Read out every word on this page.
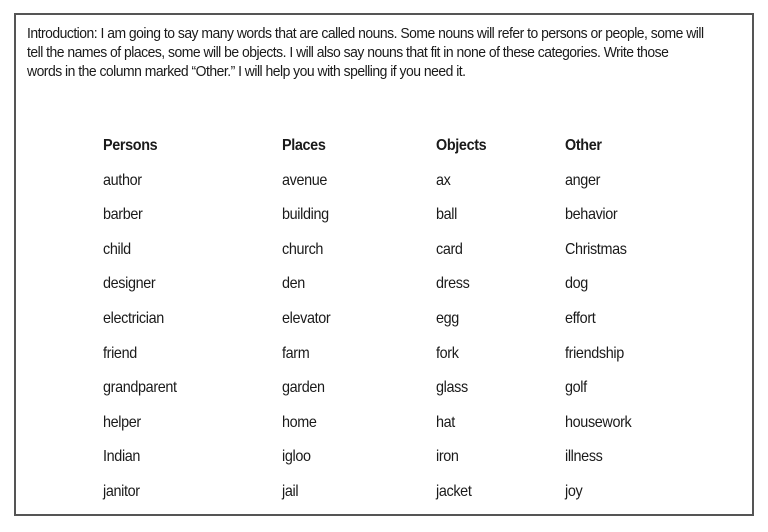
Introduction: I am going to say many words that are called nouns. Some nouns will refer to persons or people, some will tell the names of places, some will be objects. I will also say nouns that fit in none of these categories. Write those words in the column marked “Other.” I will help you with spelling if you need it.
Persons
author
barber
child
designer
electrician
friend
grandparent
helper
Indian
janitor
Places
avenue
building
church
den
elevator
farm
garden
home
igloo
jail
Objects
ax
ball
card
dress
egg
fork
glass
hat
iron
jacket
Other
anger
behavior
Christmas
dog
effort
friendship
golf
housework
illness
joy
